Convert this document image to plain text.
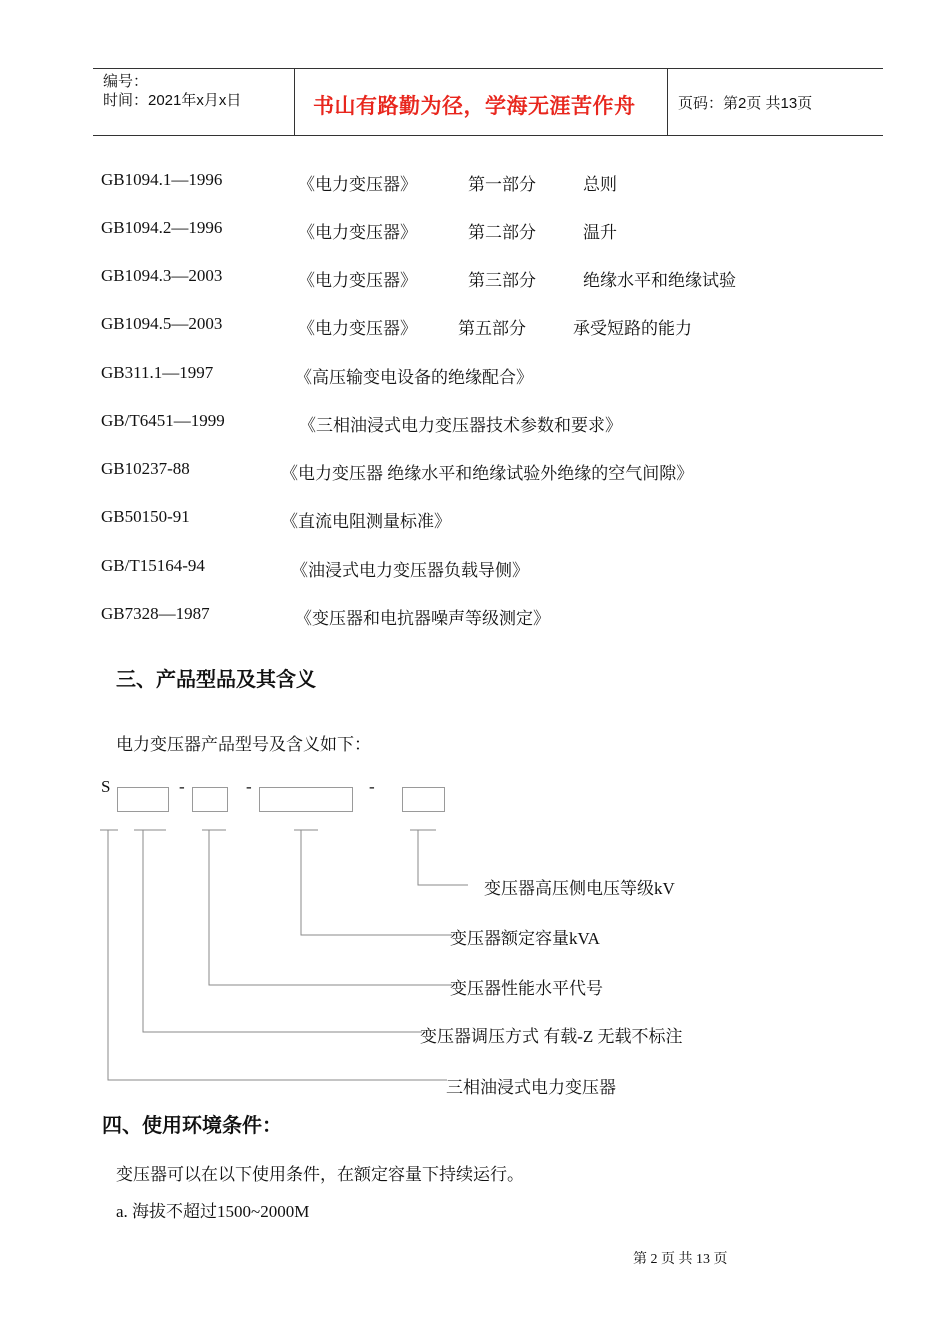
编号：
时间：2021年x月x日	书山有路勤为径，学海无涯苦作舟	页码：第2页 共13页
GB1094.1—1996	《电力变压器》	第一部分	总则
GB1094.2—1996	《电力变压器》	第二部分	温升
GB1094.3—2003	《电力变压器》	第三部分	绝缘水平和绝缘试验
GB1094.5—2003	《电力变压器》 第五部分	承受短路的能力
GB311.1—1997	《高压输变电设备的绝缘配合》
GB/T6451—1999	《三相油浸式电力变压器技术参数和要求》
GB10237-88	《电力变压器 绝缘水平和绝缘试验外绝缘的空气间隙》
GB50150-91	《直流电阻测量标准》
GB/T15164-94	《油浸式电力变压器负载导侧》
GB7328—1987	《变压器和电抗器噪声等级测定》
三、产品型品及其含义
电力变压器产品型号及含义如下：
S	-	-	-
变压器高压侧电压等级kV
变压器额定容量kVA
变压器性能水平代号
变压器调压方式 有载-Z 无载不标注
三相油浸式电力变压器
四、使用环境条件：
变压器可以在以下使用条件，在额定容量下持续运行。
a. 海拔不超过1500~2000M
第 2 页 共 13 页
